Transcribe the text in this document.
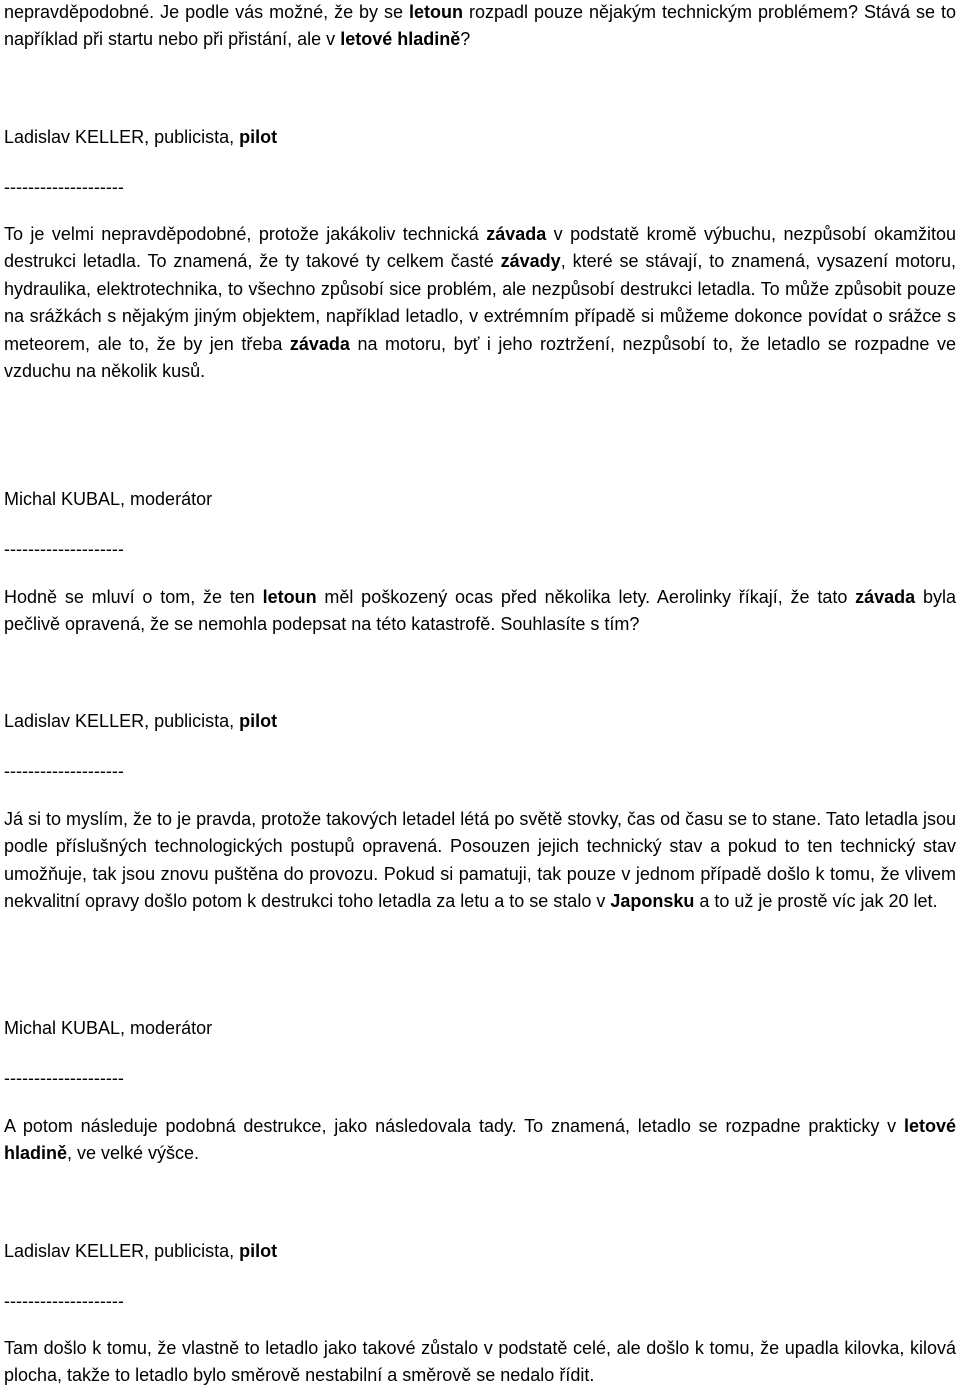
nepravděpodobné. Je podle vás možné, že by se letoun rozpadl pouze nějakým technickým problémem? Stává se to například při startu nebo při přistání, ale v letové hladině?

Ladislav KELLER, publicista, pilot

--------------------

To je velmi nepravděpodobné, protože jakákoliv technická závada v podstatě kromě výbuchu, nezpůsobí okamžitou destrukci letadla. To znamená, že ty takové ty celkem časté závady, které se stávají, to znamená, vysazení motoru, hydraulika, elektrotechnika, to všechno způsobí sice problém, ale nezpůsobí destrukci letadla. To může způsobit pouze na srážkách s nějakým jiným objektem, například letadlo, v extrémním případě si můžeme dokonce povídat o srážce s meteorem, ale to, že by jen třeba závada na motoru, byť i jeho roztržení, nezpůsobí to, že letadlo se rozpadne ve vzduchu na několik kusů.

Michal KUBAL, moderátor

--------------------

Hodně se mluví o tom, že ten letoun měl poškozený ocas před několika lety. Aerolinky říkají, že tato závada byla pečlivě opravená, že se nemohla podepsat na této katastrofě. Souhlasíte s tím?

Ladislav KELLER, publicista, pilot

--------------------

Já si to myslím, že to je pravda, protože takových letadel létá po světě stovky, čas od času se to stane. Tato letadla jsou podle příslušných technologických postupů opravená. Posouzen jejich technický stav a pokud to ten technický stav umožňuje, tak jsou znovu puštěna do provozu. Pokud si pamatuji, tak pouze v jednom případě došlo k tomu, že vlivem nekvalitní opravy došlo potom k destrukci toho letadla za letu a to se stalo v Japonsku a to už je prostě víc jak 20 let.

Michal KUBAL, moderátor

--------------------

A potom následuje podobná destrukce, jako následovala tady. To znamená, letadlo se rozpadne prakticky v letové hladině, ve velké výšce.

Ladislav KELLER, publicista, pilot

--------------------

Tam došlo k tomu, že vlastně to letadlo jako takové zůstalo v podstatě celé, ale došlo k tomu, že upadla kilovka, kilová plocha, takže to letadlo bylo směrově nestabilní a směrově se nedalo řídit.
